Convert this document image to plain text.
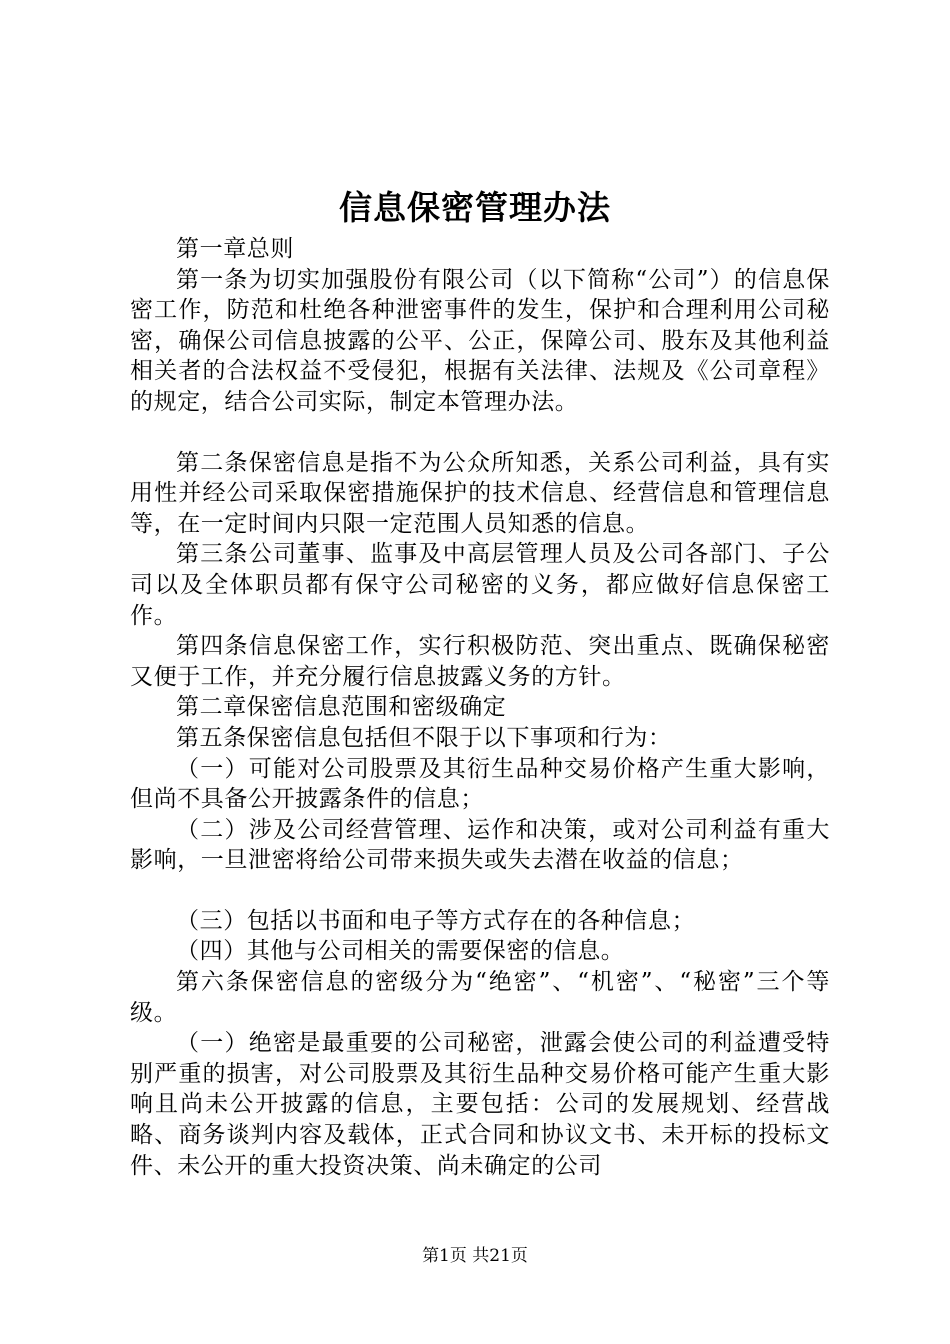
信息保密管理办法

第一章总则

第一条为切实加强股份有限公司（以下简称“公司”）的信息保密工作，防范和杜绝各种泄密事件的发生，保护和合理利用公司秘密，确保公司信息披露的公平、公正，保障公司、股东及其他利益相关者的合法权益不受侵犯，根据有关法律、法规及《公司章程》的规定，结合公司实际，制定本管理办法。

第二条保密信息是指不为公众所知悉，关系公司利益，具有实用性并经公司采取保密措施保护的技术信息、经营信息和管理信息等，在一定时间内只限一定范围人员知悉的信息。

第三条公司董事、监事及中高层管理人员及公司各部门、子公司以及全体职员都有保守公司秘密的义务，都应做好信息保密工作。

第四条信息保密工作，实行积极防范、突出重点、既确保秘密又便于工作，并充分履行信息披露义务的方针。

第二章保密信息范围和密级确定

第五条保密信息包括但不限于以下事项和行为：

（一）可能对公司股票及其衍生品种交易价格产生重大影响，但尚不具备公开披露条件的信息；

（二）涉及公司经营管理、运作和决策，或对公司利益有重大影响，一旦泄密将给公司带来损失或失去潜在收益的信息；

（三）包括以书面和电子等方式存在的各种信息；

（四）其他与公司相关的需要保密的信息。

第六条保密信息的密级分为“绝密”、“机密”、“秘密”三个等级。

（一）绝密是最重要的公司秘密，泄露会使公司的利益遭受特别严重的损害，对公司股票及其衍生品种交易价格可能产生重大影响且尚未公开披露的信息，主要包括：公司的发展规划、经营战略、商务谈判内容及载体，正式合同和协议文书、未开标的投标文件、未公开的重大投资决策、尚未确定的公司

第1页 共21页
